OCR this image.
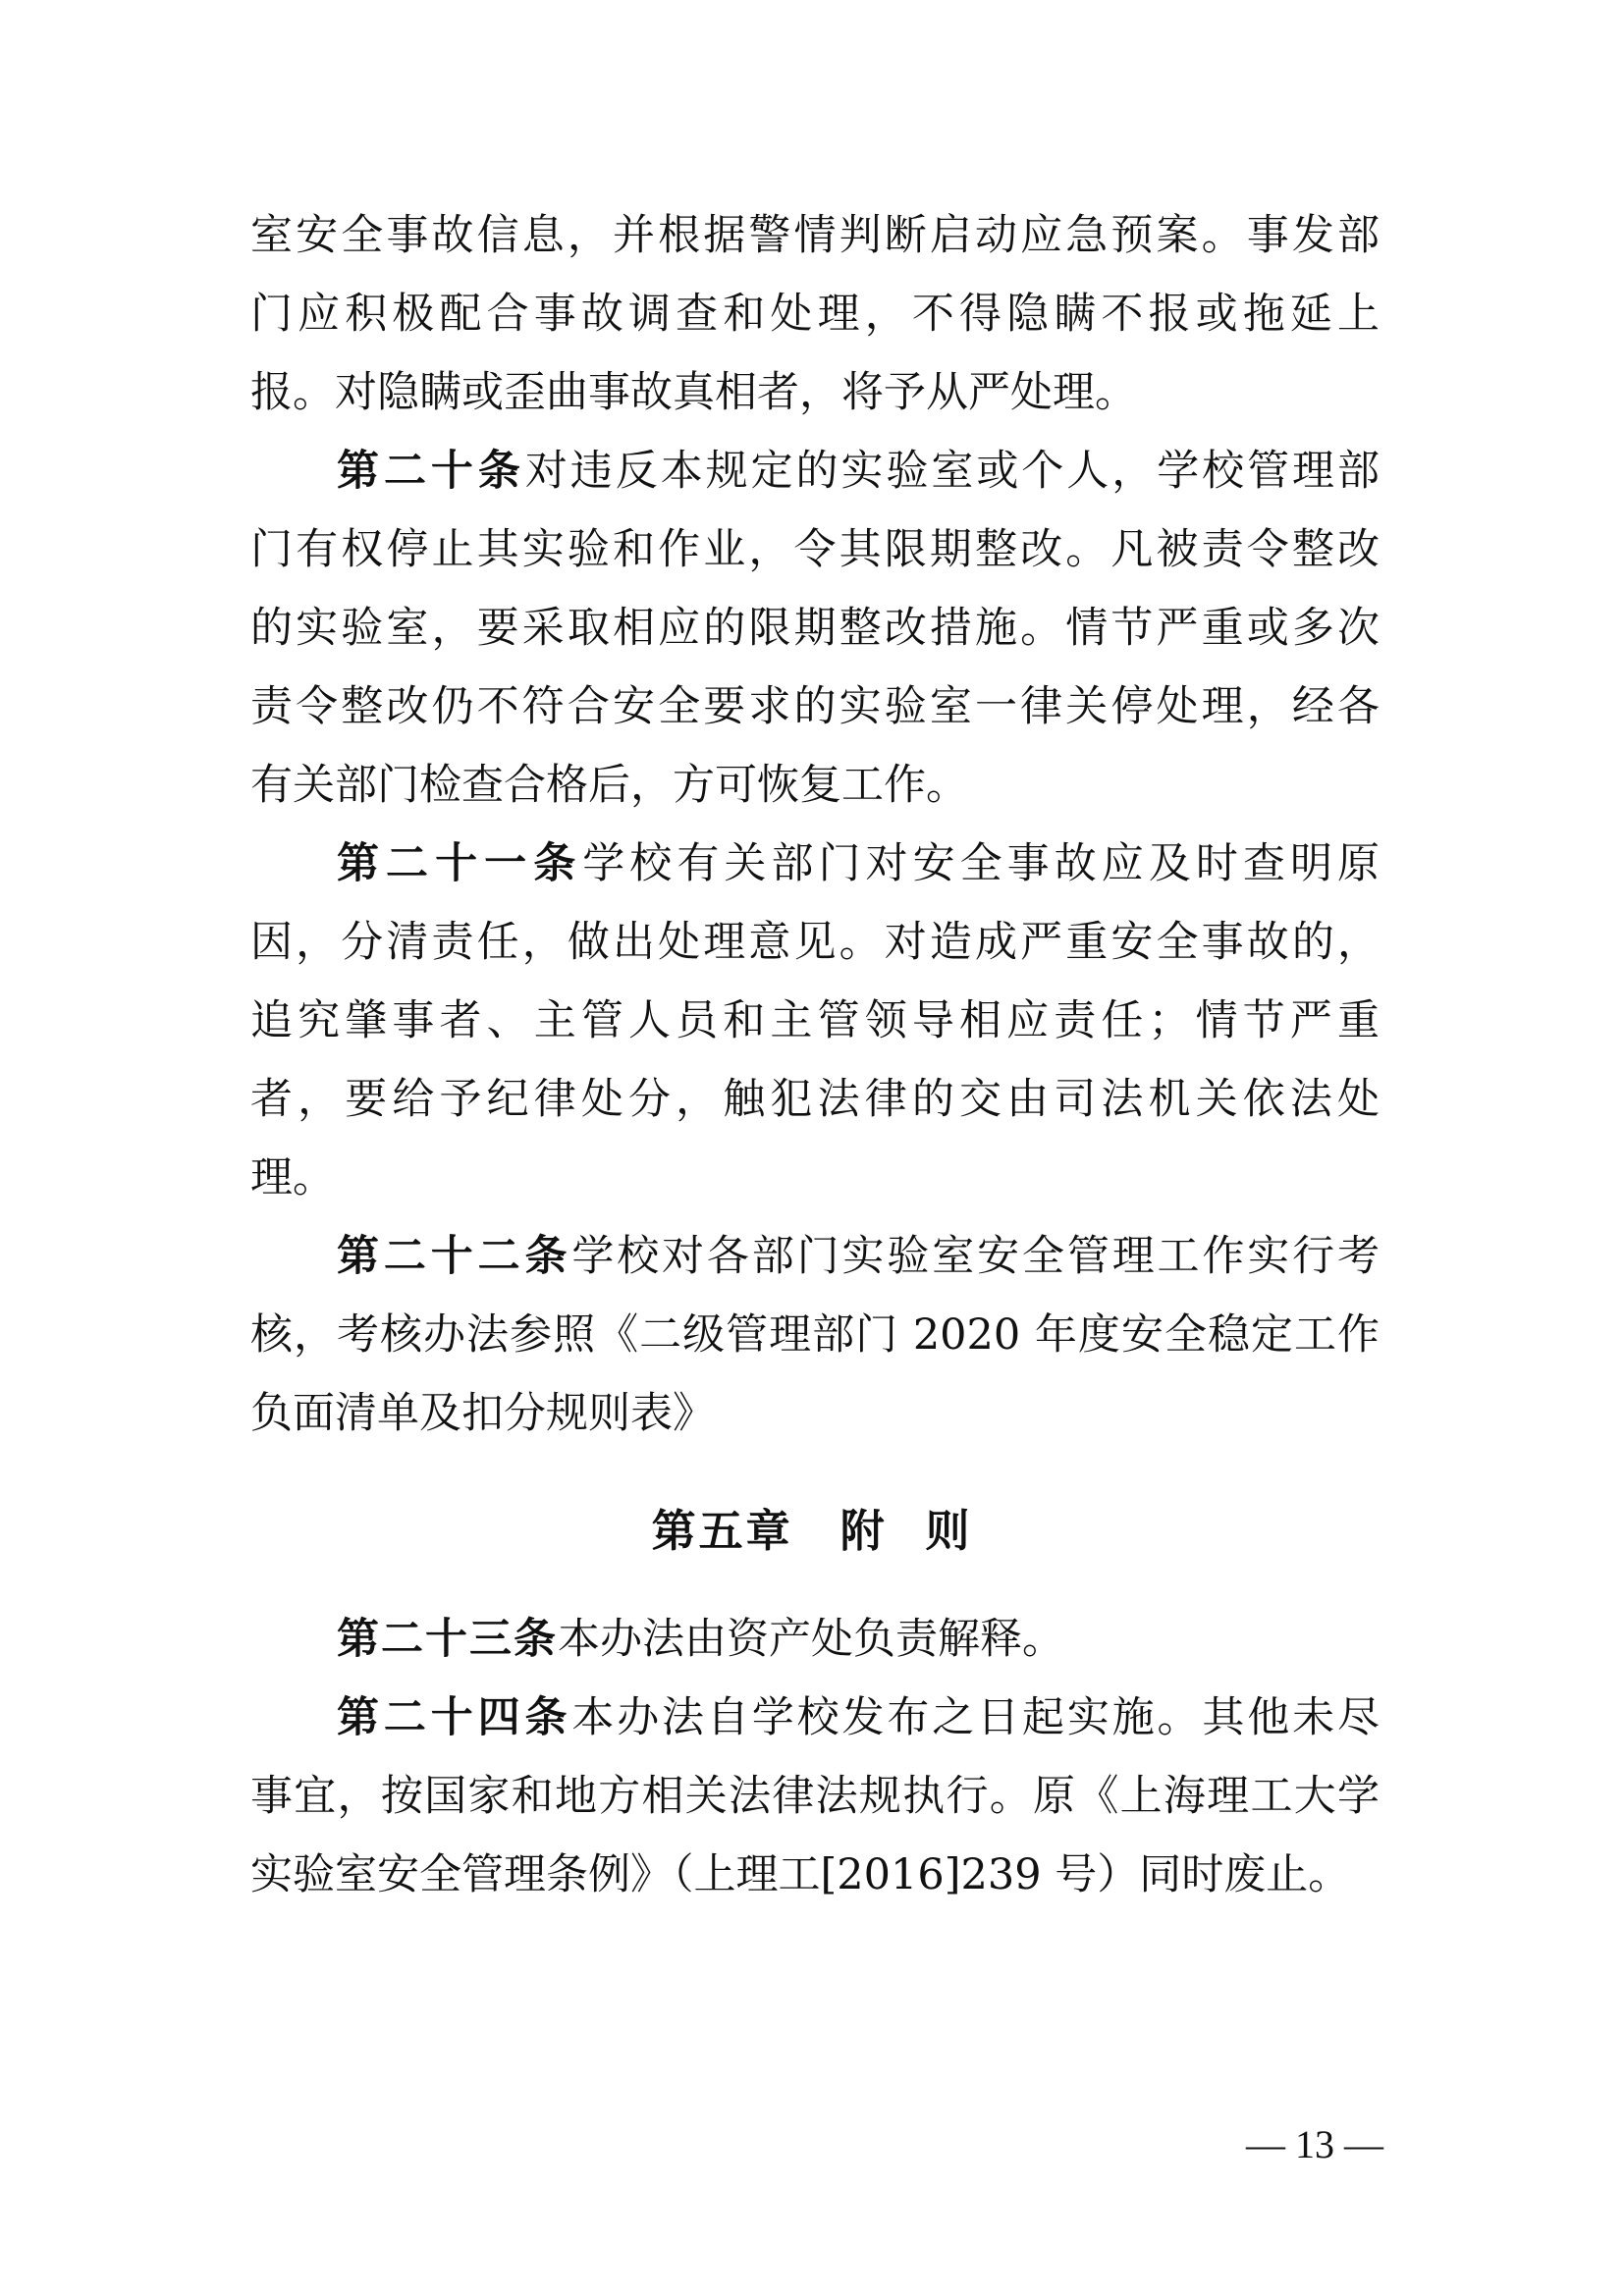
室安全事故信息，并根据警情判断启动应急预案。事发部
门应积极配合事故调查和处理，不得隐瞒不报或拖延上
报。对隐瞒或歪曲事故真相者，将予从严处理。
第二十条对违反本规定的实验室或个人，学校管理部
门有权停止其实验和作业，令其限期整改。凡被责令整改
的实验室，要采取相应的限期整改措施。情节严重或多次
责令整改仍不符合安全要求的实验室一律关停处理，经各
有关部门检查合格后，方可恢复工作。
第二十一条学校有关部门对安全事故应及时查明原
因，分清责任，做出处理意见。对造成严重安全事故的，
追究肇事者、主管人员和主管领导相应责任；情节严重
者，要给予纪律处分，触犯法律的交由司法机关依法处
理。
第二十二条学校对各部门实验室安全管理工作实行考
核，考核办法参照《二级管理部门 2020 年度安全稳定工作
负面清单及扣分规则表》
第五章　附 则
第二十三条本办法由资产处负责解释。
第二十四条本办法自学校发布之日起实施。其他未尽
事宜，按国家和地方相关法律法规执行。原《上海理工大学
实验室安全管理条例》（上理工[2016]239 号）同时废止。
— 13 —
